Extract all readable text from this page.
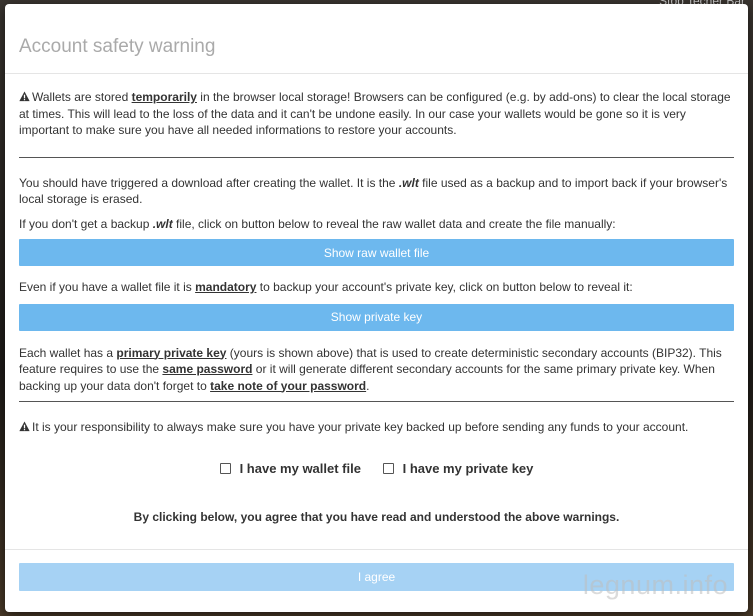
Account safety warning

Wallets are stored temporarily in the browser local storage! Browsers can be configured (e.g. by add-ons) to clear the local storage at times. This will lead to the loss of the data and it can't be undone easily. In our case your wallets would be gone so it is very important to make sure you have all needed informations to restore your accounts.

You should have triggered a download after creating the wallet. It is the .wlt file used as a backup and to import back if your browser's local storage is erased.

If you don't get a backup .wlt file, click on button below to reveal the raw wallet data and create the file manually:

Show raw wallet file

Even if you have a wallet file it is mandatory to backup your account's private key, click on button below to reveal it:

Show private key

Each wallet has a primary private key (yours is shown above) that is used to create deterministic secondary accounts (BIP32). This feature requires to use the same password or it will generate different secondary accounts for the same primary private key. When backing up your data don't forget to take note of your password.

It is your responsibility to always make sure you have your private key backed up before sending any funds to your account.

I have my wallet file
	I have my private key

By clicking below, you agree that you have read and understood the above warnings.

I agree	legnum.info
